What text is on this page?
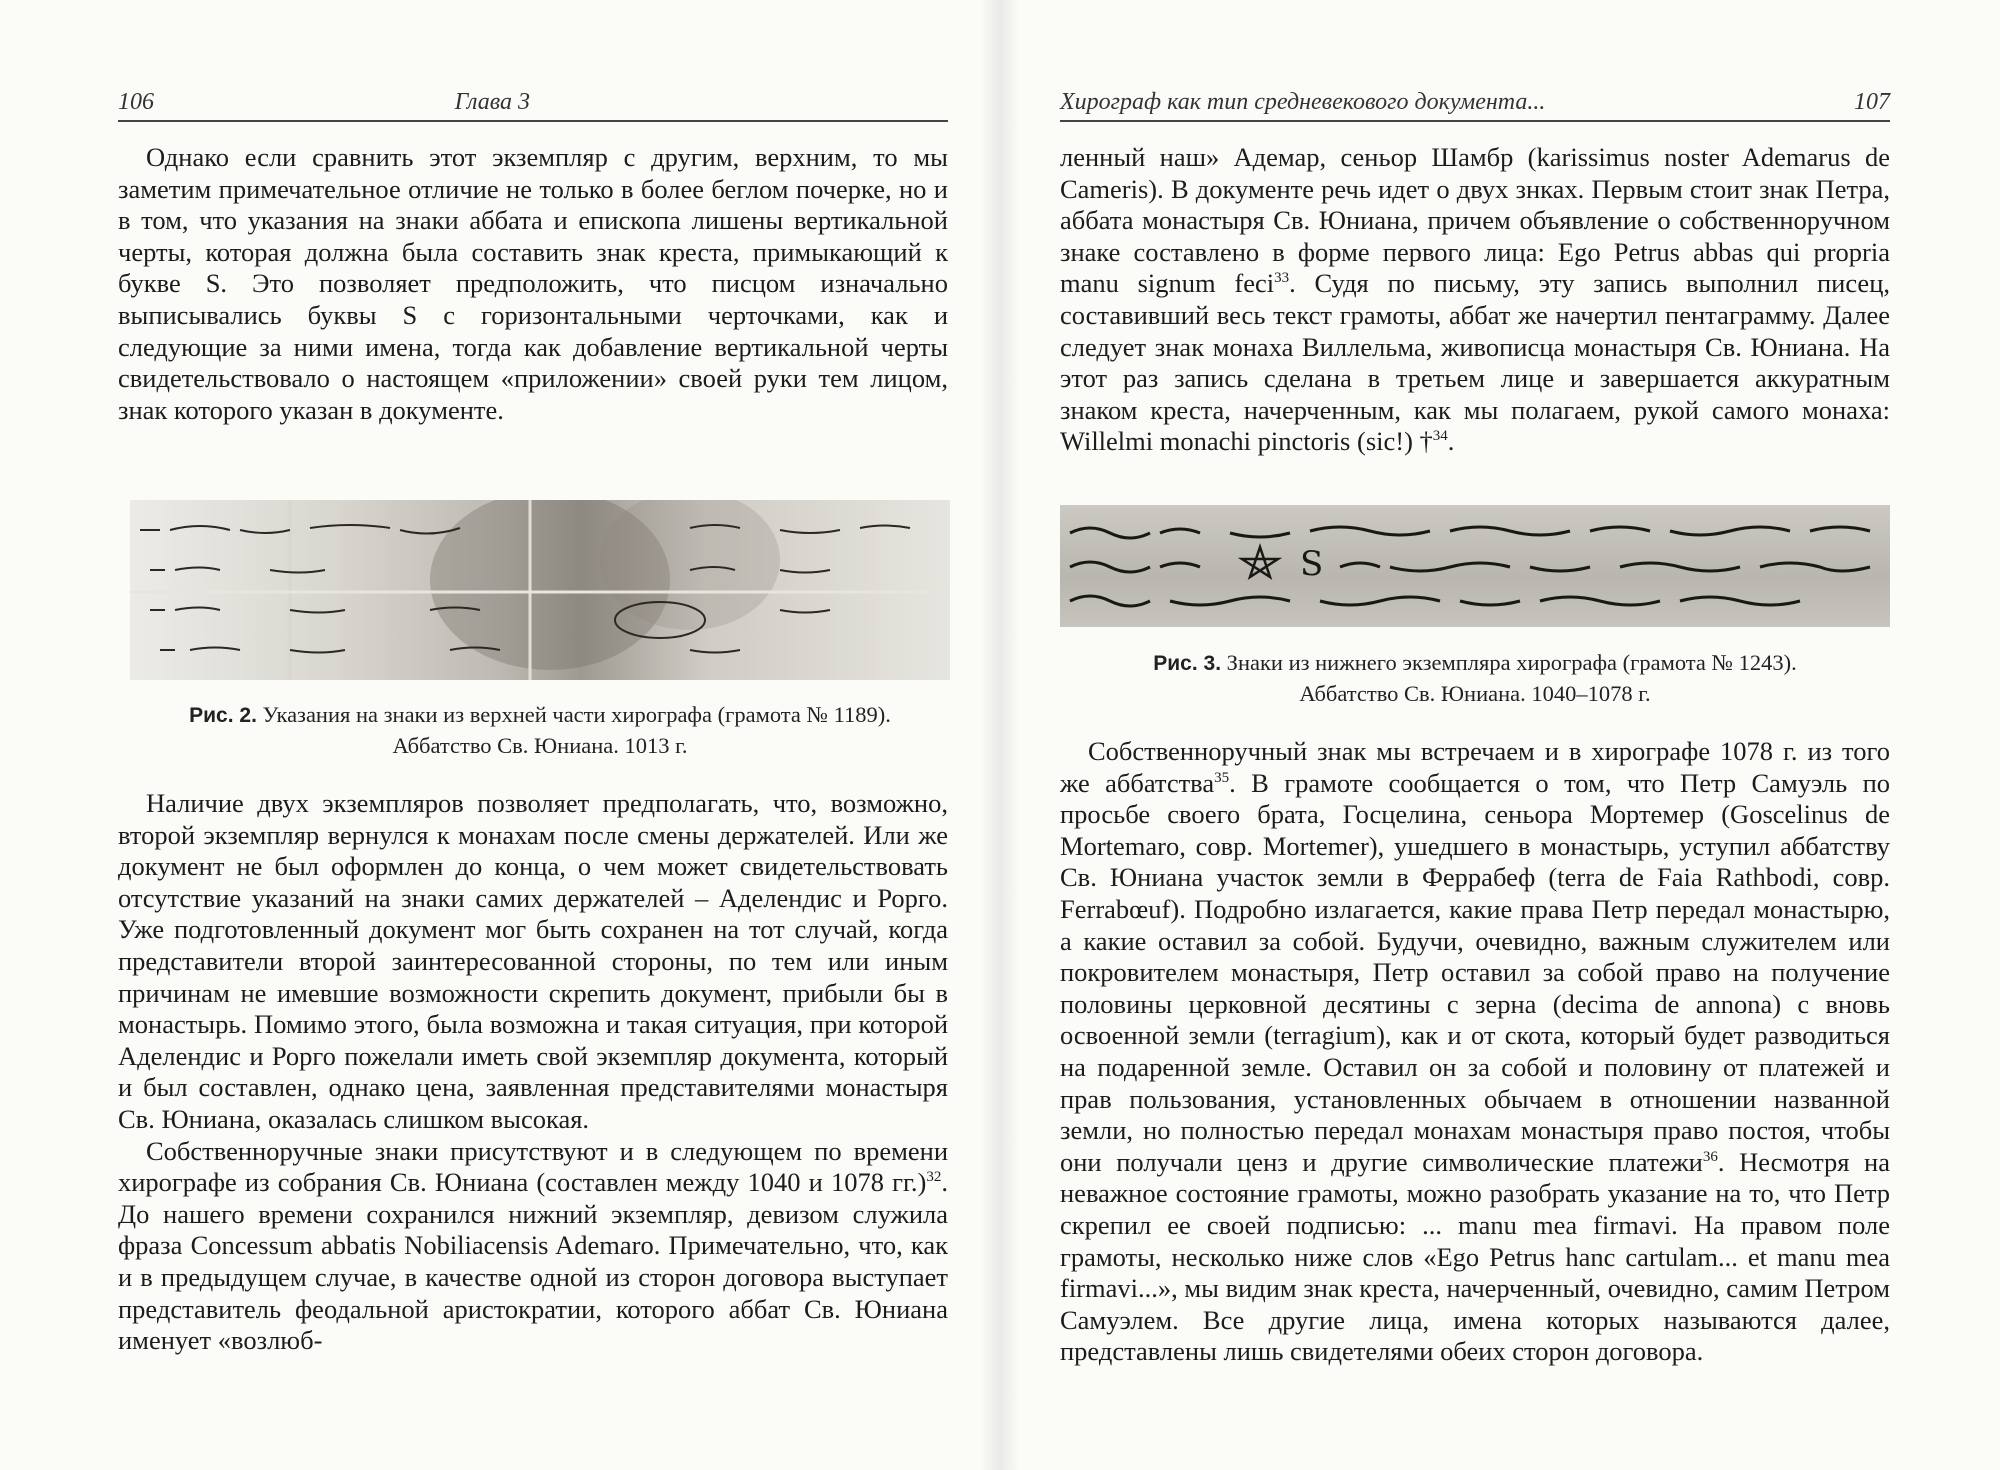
106	Глава 3

Однако если сравнить этот экземпляр с другим, верхним, то мы заметим примечательное отличие не только в более беглом почерке, но и в том, что указания на знаки аббата и епископа лишены вертикальной черты, которая должна была составить знак креста, примыкающий к букве S. Это позволяет предположить, что писцом изначально выписывались буквы S с горизонтальными черточками, как и следующие за ними имена, тогда как добавление вертикальной черты свидетельствовало о настоящем «приложении» своей руки тем лицом, знак которого указан в документе.

Рис. 2. Указания на знаки из верхней части хирографа (грамота № 1189).
Аббатство Св. Юниана. 1013 г.

Наличие двух экземпляров позволяет предполагать, что, возможно, второй экземпляр вернулся к монахам после смены держателей. Или же документ не был оформлен до конца, о чем может свидетельствовать отсутствие указаний на знаки самих держателей – Аделендис и Рорго. Уже подготовленный документ мог быть сохранен на тот случай, когда представители второй заинтересованной стороны, по тем или иным причинам не имевшие возможности скрепить документ, прибыли бы в монастырь. Помимо этого, была возможна и такая ситуация, при которой Аделендис и Рорго пожелали иметь свой экземпляр документа, который и был составлен, однако цена, заявленная представителями монастыря Св. Юниана, оказалась слишком высокая.

Собственноручные знаки присутствуют и в следующем по времени хирографе из собрания Св. Юниана (составлен между 1040 и 1078 гг.)$^{32}$. До нашего времени сохранился нижний экземпляр, девизом служила фраза Concessum abbatis Nobiliacensis Ademaro. Примечательно, что, как и в предыдущем случае, в качестве одной из сторон договора выступает представитель феодальной аристократии, которого аббат Св. Юниана именует «возлюб-

Хирограф как тип средневекового документа...	107

ленный наш» Адемар, сеньор Шамбр (karissimus noster Ademarus de Cameris). В документе речь идет о двух знках. Первым стоит знак Петра, аббата монастыря Св. Юниана, причем объявление о собственноручном знаке составлено в форме первого лица: Ego Petrus abbas qui propria manu signum feci$^{33}$. Судя по письму, эту запись выполнил писец, составивший весь текст грамоты, аббат же начертил пентаграмму. Далее следует знак монаха Виллельма, живописца монастыря Св. Юниана. На этот раз запись сделана в третьем лице и завершается аккуратным знаком креста, начерченным, как мы полагаем, рукой самого монаха: Willelmi monachi pinctoris (sic!) †$^{34}$.

S
Рис. 3. Знаки из нижнего экземпляра хирографа (грамота № 1243).
Аббатство Св. Юниана. 1040–1078 г.

Собственноручный знак мы встречаем и в хирографе 1078 г. из того же аббатства$^{35}$. В грамоте сообщается о том, что Петр Самуэль по просьбе своего брата, Госцелина, сеньора Мортемер (Goscelinus de Mortemaro, совр. Mortemer), ушедшего в монастырь, уступил аббатству Св. Юниана участок земли в Феррабеф (terra de Faia Rathbodi, совр. Ferrabœuf). Подробно излагается, какие права Петр передал монастырю, а какие оставил за собой. Будучи, очевидно, важным служителем или покровителем монастыря, Петр оставил за собой право на получение половины церковной десятины с зерна (decima de annona) с вновь освоенной земли (terragium), как и от скота, который будет разводиться на подаренной земле. Оставил он за собой и половину от платежей и прав пользования, установленных обычаем в отношении названной земли, но полностью передал монахам монастыря право постоя, чтобы они получали ценз и другие символические платежи$^{36}$. Несмотря на неважное состояние грамоты, можно разобрать указание на то, что Петр скрепил ее своей подписью: ... manu mea firmavi. На правом поле грамоты, несколько ниже слов «Ego Petrus hanc cartulam... et manu mea firmavi...», мы видим знак креста, начерченный, очевидно, самим Петром Самуэлем. Все другие лица, имена которых называются далее, представлены лишь свидетелями обеих сторон договора.
